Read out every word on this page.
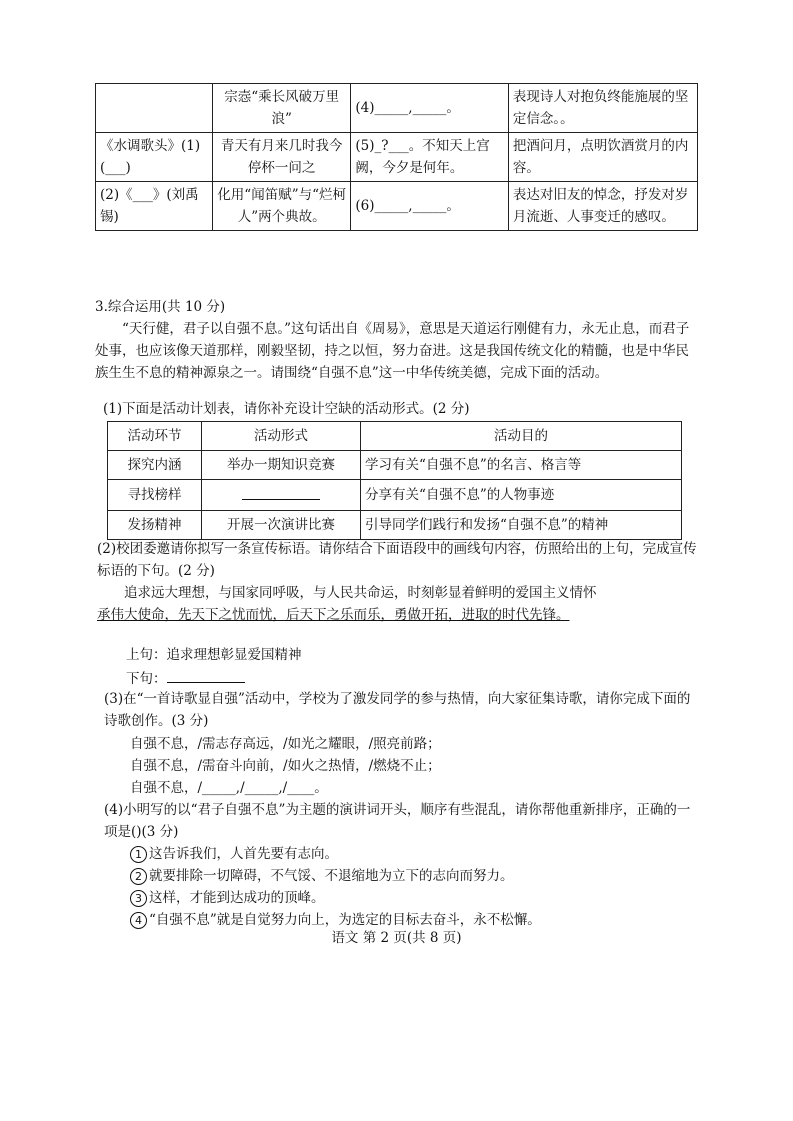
	宗悫“乘长风破万里浪”	(4)_____,_____。	表现诗人对抱负终能施展的坚定信念。。
《水调歌头》(1)(___)	青天有月来几时我今停杯一问之	(5)_?___。不知天上宫阙，今夕是何年。	把酒问月，点明饮酒赏月的内容。
(2)《___》(刘禹锡)	化用“闻笛赋”与“烂柯人”两个典故。	(6)_____,_____。	表达对旧友的悼念，抒发对岁月流逝、人事变迁的感叹。
3.综合运用(共 10 分)
“天行健，君子以自强不息。”这句话出自《周易》，意思是天道运行刚健有力，永无止息，而君子处事，也应该像天道那样，刚毅坚韧，持之以恒，努力奋进。这是我国传统文化的精髓，也是中华民族生生不息的精神源泉之一。请围绕“自强不息”这一中华传统美德，完成下面的活动。
(1)下面是活动计划表，请你补充设计空缺的活动形式。(2 分)
活动环节	活动形式	活动目的
探究内涵	举办一期知识竞赛	学习有关“自强不息”的名言、格言等
寻找榜样		分享有关“自强不息”的人物事迹
发扬精神	开展一次演讲比赛	引导同学们践行和发扬“自强不息”的精神
(2)校团委邀请你拟写一条宣传标语。请你结合下面语段中的画线句内容，仿照给出的上句，完成宣传标语的下句。(2 分)
追求远大理想，与国家同呼吸，与人民共命运，时刻彰显着鲜明的爱国主义情怀
承伟大使命，先天下之忧而忧，后天下之乐而乐，勇做开拓，进取的时代先锋。
上句：追求理想彰显爱国精神
下句：
(3)在“一首诗歌显自强”活动中，学校为了激发同学的参与热情，向大家征集诗歌，请你完成下面的诗歌创作。(3 分)
自强不息，/需志存高远，/如光之耀眼，/照亮前路；
自强不息，/需奋斗向前，/如火之热情，/燃烧不止；
自强不息，/_____,/_____,/____。
(4)小明写的以“君子自强不息”为主题的演讲词开头，顺序有些混乱，请你帮他重新排序，正确的一项是()(3 分)
1 这告诉我们，人首先要有志向。
2 就要排除一切障碍，不气馁、不退缩地为立下的志向而努力。
3 这样，才能到达成功的顶峰。
4 “自强不息”就是自觉努力向上，为选定的目标去奋斗，永不松懈。
语文 第 2 页(共 8 页)
